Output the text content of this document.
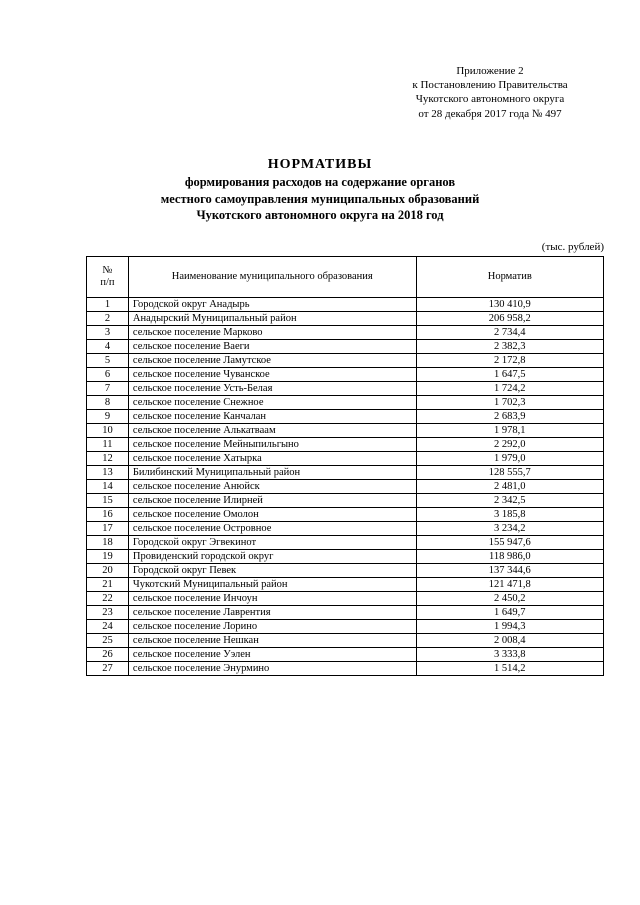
Приложение 2
к Постановлению Правительства
Чукотского автономного округа
от 28 декабря 2017 года № 497
НОРМАТИВЫ
формирования расходов на содержание органов
местного самоуправления муниципальных образований
Чукотского автономного округа на 2018 год
(тыс. рублей)
№
п/п	Наименование муниципального образования	Норматив
1	Городской округ Анадырь	130 410,9
2	Анадырский Муниципальный район	206 958,2
3	сельское поселение Марково	2 734,4
4	сельское поселение Ваеги	2 382,3
5	сельское поселение Ламутское	2 172,8
6	сельское поселение Чуванское	1 647,5
7	сельское поселение Усть-Белая	1 724,2
8	сельское поселение Снежное	1 702,3
9	сельское поселение Канчалан	2 683,9
10	сельское поселение Алькатваам	1 978,1
11	сельское поселение Мейныпильгыно	2 292,0
12	сельское поселение Хатырка	1 979,0
13	Билибинский Муниципальный район	128 555,7
14	сельское поселение Анюйск	2 481,0
15	сельское поселение Илирней	2 342,5
16	сельское поселение Омолон	3 185,8
17	сельское поселение Островное	3 234,2
18	Городской округ Эгвекинот	155 947,6
19	Провиденский городской округ	118 986,0
20	Городской округ Певек	137 344,6
21	Чукотский Муниципальный район	121 471,8
22	сельское поселение Инчоун	2 450,2
23	сельское поселение Лаврентия	1 649,7
24	сельское поселение Лорино	1 994,3
25	сельское поселение Нешкан	2 008,4
26	сельское поселение Уэлен	3 333,8
27	сельское поселение Энурмино	1 514,2
